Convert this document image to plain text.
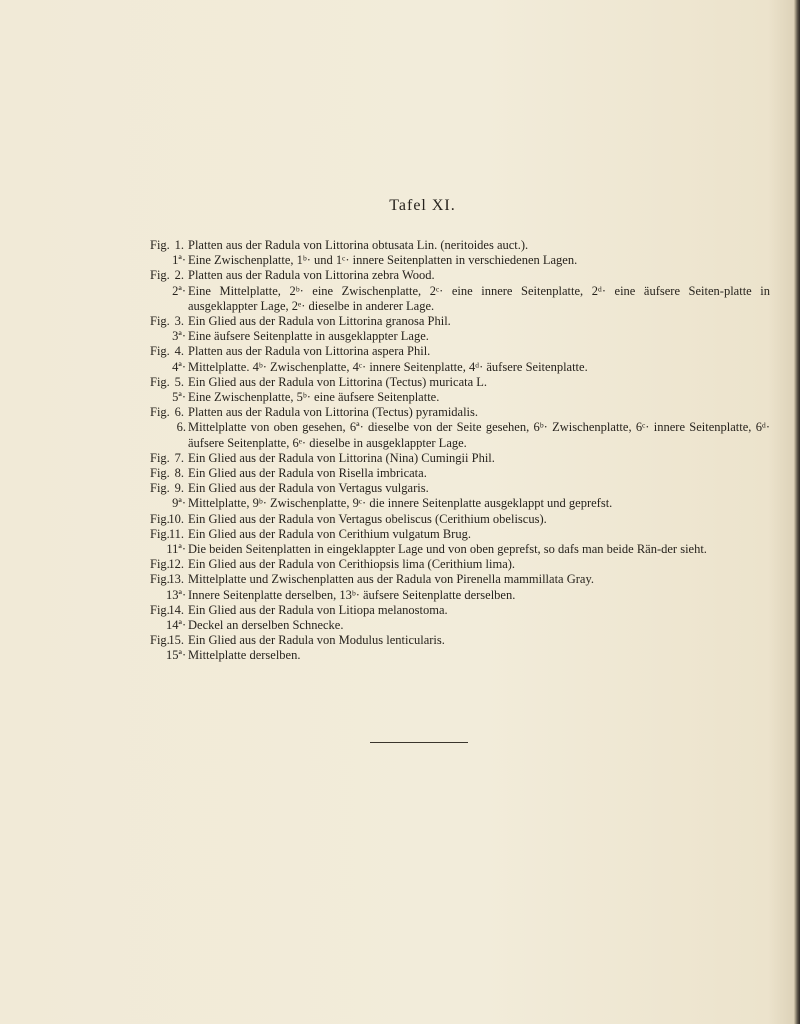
Tafel XI.
Fig. 1. Platten aus der Radula von Littorina obtusata Lin. (neritoides auct.).
1ª· Eine Zwischenplatte, 1ᵇ· und 1ᶜ· innere Seitenplatten in verschiedenen Lagen.
Fig. 2. Platten aus der Radula von Littorina zebra Wood.
2ª· Eine Mittelplatte, 2ᵇ· eine Zwischenplatte, 2ᶜ· eine innere Seitenplatte, 2ᵈ· eine äufsere Seiten-platte in ausgeklappter Lage, 2ᵉ· dieselbe in anderer Lage.
Fig. 3. Ein Glied aus der Radula von Littorina granosa Phil.
3ª· Eine äufsere Seitenplatte in ausgeklappter Lage.
Fig. 4. Platten aus der Radula von Littorina aspera Phil.
4ª· Mittelplatte. 4ᵇ· Zwischenplatte, 4ᶜ· innere Seitenplatte, 4ᵈ· äufsere Seitenplatte.
Fig. 5. Ein Glied aus der Radula von Littorina (Tectus) muricata L.
5ª· Eine Zwischenplatte, 5ᵇ· eine äufsere Seitenplatte.
Fig. 6. Platten aus der Radula von Littorina (Tectus) pyramidalis.
6. Mittelplatte von oben gesehen, 6ª· dieselbe von der Seite gesehen, 6ᵇ· Zwischenplatte, 6ᶜ· innere Seitenplatte, 6ᵈ· äufsere Seitenplatte, 6ᵉ· dieselbe in ausgeklappter Lage.
Fig. 7. Ein Glied aus der Radula von Littorina (Nina) Cumingii Phil.
Fig. 8. Ein Glied aus der Radula von Risella imbricata.
Fig. 9. Ein Glied aus der Radula von Vertagus vulgaris.
9ª· Mittelplatte, 9ᵇ· Zwischenplatte, 9ᶜ· die innere Seitenplatte ausgeklappt und geprefst.
Fig.
10. Ein Glied aus der Radula von Vertagus obeliscus (Cerithium obeliscus).
Fig. 11. Ein Glied aus der Radula von Cerithium vulgatum Brug.
11ª· Die beiden Seitenplatten in eingeklappter Lage und von oben geprefst, so dafs man beide Rän-der sieht.
Fig.
12. Ein Glied aus der Radula von Cerithiopsis lima (Cerithium lima).
Fig.
13. Mittelplatte und Zwischenplatten aus der Radula von Pirenella mammillata Gray.
13ª· Innere Seitenplatte derselben, 13ᵇ· äufsere Seitenplatte derselben.
Fig.
14. Ein Glied aus der Radula von Litiopa melanostoma.
14ª· Deckel an derselben Schnecke.
Fig.
15. Ein Glied aus der Radula von Modulus lenticularis.
15ª· Mittelplatte derselben.
